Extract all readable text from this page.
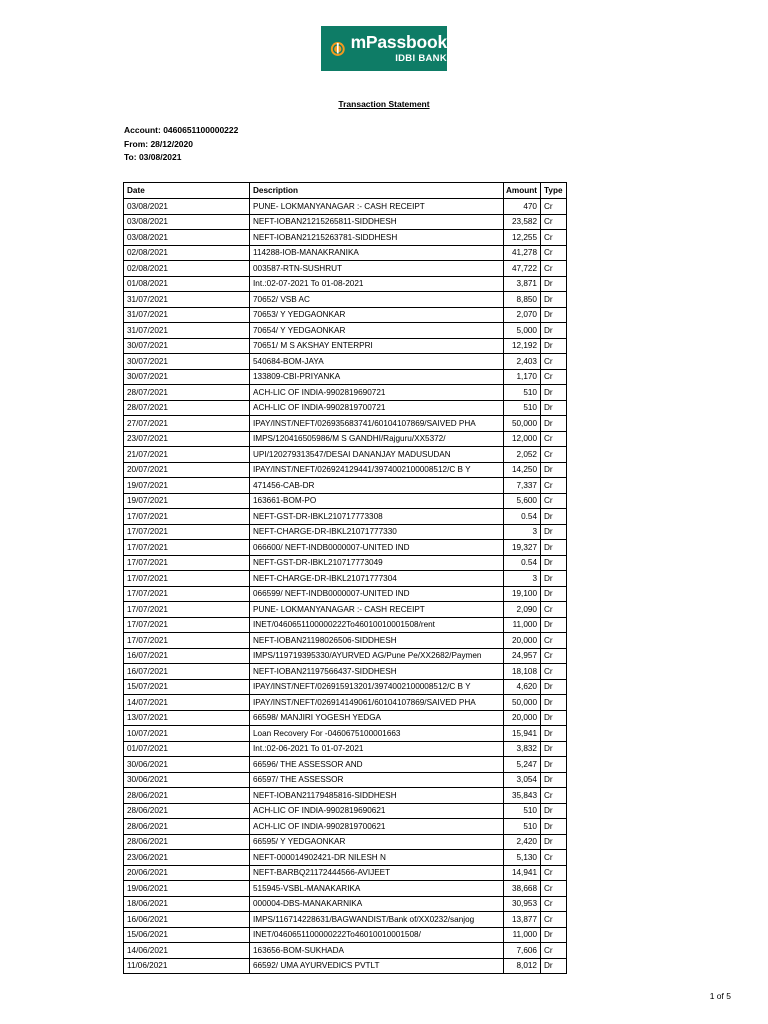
mPassbook
IDBI BANK
Transaction Statement
Account: 0460651100000222
From: 28/12/2020
To: 03/08/2021
Date	Description	Amount	Type
03/08/2021	PUNE- LOKMANYANAGAR :- CASH RECEIPT	470	Cr
03/08/2021	NEFT-IOBAN21215265811-SIDDHESH	23,582	Cr
03/08/2021	NEFT-IOBAN21215263781-SIDDHESH	12,255	Cr
02/08/2021	114288-IOB-MANAKRANIKA	41,278	Cr
02/08/2021	003587-RTN-SUSHRUT	47,722	Cr
01/08/2021	Int.:02-07-2021 To 01-08-2021	3,871	Dr
31/07/2021	70652/ VSB AC	8,850	Dr
31/07/2021	70653/ Y YEDGAONKAR	2,070	Dr
31/07/2021	70654/ Y YEDGAONKAR	5,000	Dr
30/07/2021	70651/ M S AKSHAY ENTERPRI	12,192	Dr
30/07/2021	540684-BOM-JAYA	2,403	Cr
30/07/2021	133809-CBI-PRIYANKA	1,170	Cr
28/07/2021	ACH-LIC OF INDIA-9902819690721	510	Dr
28/07/2021	ACH-LIC OF INDIA-9902819700721	510	Dr
27/07/2021	IPAY/INST/NEFT/026935683741/60104107869/SAIVED PHA	50,000	Dr
23/07/2021	IMPS/120416505986/M S GANDHI/Rajguru/XX5372/	12,000	Cr
21/07/2021	UPI/120279313547/DESAI DANANJAY MADUSUDAN	2,052	Cr
20/07/2021	IPAY/INST/NEFT/026924129441/3974002100008512/C B Y	14,250	Dr
19/07/2021	471456-CAB-DR	7,337	Cr
19/07/2021	163661-BOM-PO	5,600	Cr
17/07/2021	NEFT-GST-DR-IBKL210717773308	0.54	Dr
17/07/2021	NEFT-CHARGE-DR-IBKL21071777330	3	Dr
17/07/2021	066600/ NEFT-INDB0000007-UNITED IND	19,327	Dr
17/07/2021	NEFT-GST-DR-IBKL210717773049	0.54	Dr
17/07/2021	NEFT-CHARGE-DR-IBKL21071777304	3	Dr
17/07/2021	066599/ NEFT-INDB0000007-UNITED IND	19,100	Dr
17/07/2021	PUNE- LOKMANYANAGAR :- CASH RECEIPT	2,090	Cr
17/07/2021	INET/0460651100000222To46010010001508/rent	11,000	Dr
17/07/2021	NEFT-IOBAN21198026506-SIDDHESH	20,000	Cr
16/07/2021	IMPS/119719395330/AYURVED AG/Pune Pe/XX2682/Paymen	24,957	Cr
16/07/2021	NEFT-IOBAN21197566437-SIDDHESH	18,108	Cr
15/07/2021	IPAY/INST/NEFT/026915913201/3974002100008512/C B Y	4,620	Dr
14/07/2021	IPAY/INST/NEFT/026914149061/60104107869/SAIVED PHA	50,000	Dr
13/07/2021	66598/ MANJIRI YOGESH YEDGA	20,000	Dr
10/07/2021	Loan Recovery For -0460675100001663	15,941	Dr
01/07/2021	Int.:02-06-2021 To 01-07-2021	3,832	Dr
30/06/2021	66596/ THE ASSESSOR AND	5,247	Dr
30/06/2021	66597/ THE ASSESSOR	3,054	Dr
28/06/2021	NEFT-IOBAN21179485816-SIDDHESH	35,843	Cr
28/06/2021	ACH-LIC OF INDIA-9902819690621	510	Dr
28/06/2021	ACH-LIC OF INDIA-9902819700621	510	Dr
28/06/2021	66595/ Y YEDGAONKAR	2,420	Dr
23/06/2021	NEFT-000014902421-DR NILESH N	5,130	Cr
20/06/2021	NEFT-BARBQ21172444566-AVIJEET	14,941	Cr
19/06/2021	515945-VSBL-MANAKARIKA	38,668	Cr
18/06/2021	000004-DBS-MANAKARNIKA	30,953	Cr
16/06/2021	IMPS/116714228631/BAGWANDIST/Bank of/XX0232/sanjog	13,877	Cr
15/06/2021	INET/0460651100000222To46010010001508/	11,000	Dr
14/06/2021	163656-BOM-SUKHADA	7,606	Cr
11/06/2021	66592/ UMA AYURVEDICS PVTLT	8,012	Dr
1 of 5
